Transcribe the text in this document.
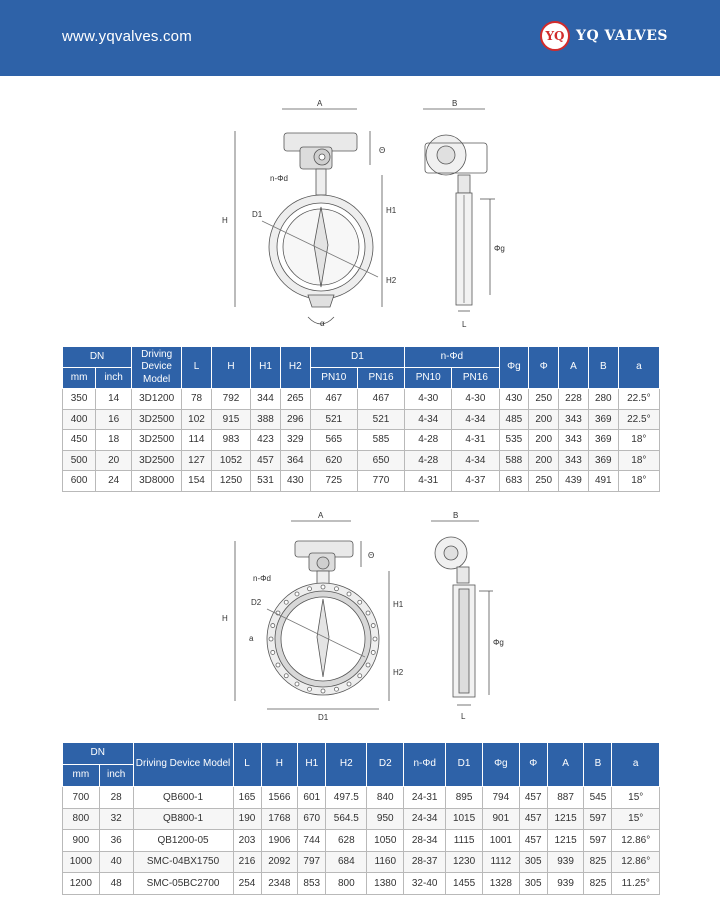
www.yqvalves.com	YQ YQ VALVES
A
Θ
n-Φd
D1
α
H
H1
H2
B
Φg
L
DN		Driving Device Model	L	H	H1	H2	D1		n-Φd		Φg	Φ	A	B	a
mm	inch						PN10	PN16	PN10	PN16					
350	14	3D1200	78	792	344	265	467	467	4-30	4-30	430	250	228	280	22.5°
400	16	3D2500	102	915	388	296	521	521	4-34	4-34	485	200	343	369	22.5°
450	18	3D2500	114	983	423	329	565	585	4-28	4-31	535	200	343	369	18°
500	20	3D2500	127	1052	457	364	620	650	4-28	4-34	588	200	343	369	18°
600	24	3D8000	154	1250	531	430	725	770	4-31	4-37	683	250	439	491	18°
A
Θ
n-Φd
D2
a
H
H1
H2
D1
B
Φg
L
DN		Driving Device Model	L	H	H1	H2	D2	n-Φd	D1	Φg	Φ	A	B	a
mm	inch													
700	28	QB600-1	165	1566	601	497.5	840	24-31	895	794	457	887	545	15°
800	32	QB800-1	190	1768	670	564.5	950	24-34	1015	901	457	1215	597	15°
900	36	QB1200-05	203	1906	744	628	1050	28-34	1115	1001	457	1215	597	12.86°
1000	40	SMC-04BX1750	216	2092	797	684	1160	28-37	1230	1112	305	939	825	12.86°
1200	48	SMC-05BC2700	254	2348	853	800	1380	32-40	1455	1328	305	939	825	11.25°
